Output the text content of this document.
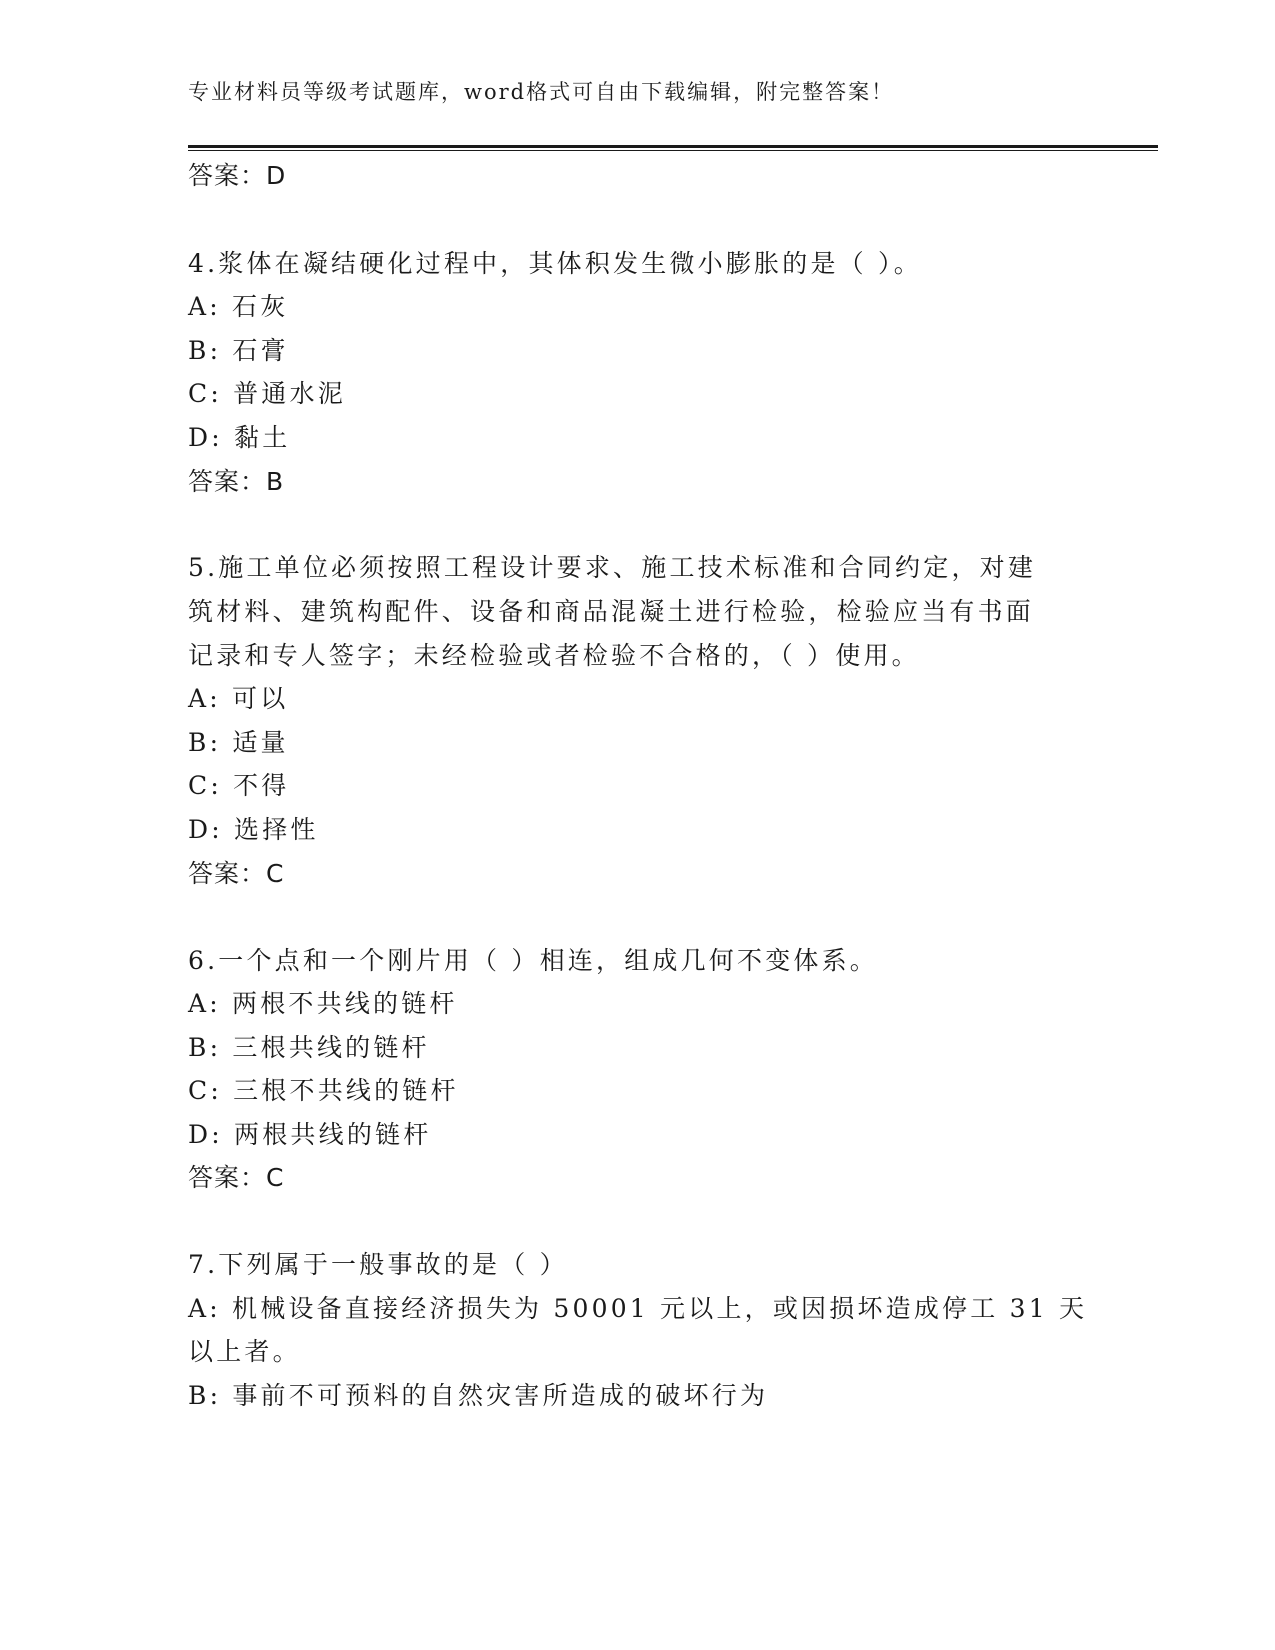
专业材料员等级考试题库，word格式可自由下载编辑，附完整答案！
答案：D
4.浆体在凝结硬化过程中，其体积发生微小膨胀的是（ ）。
A: 石灰
B: 石膏
C: 普通水泥
D: 黏土
答案：B
5.施工单位必须按照工程设计要求、施工技术标准和合同约定，对建
筑材料、建筑构配件、设备和商品混凝土进行检验，检验应当有书面
记录和专人签字；未经检验或者检验不合格的，（ ）使用。
A: 可以
B: 适量
C: 不得
D: 选择性
答案：C
6.一个点和一个刚片用（ ）相连，组成几何不变体系。
A: 两根不共线的链杆
B: 三根共线的链杆
C: 三根不共线的链杆
D: 两根共线的链杆
答案：C
7.下列属于一般事故的是（ ）
A: 机械设备直接经济损失为 50001 元以上，或因损坏造成停工 31 天
以上者。
B: 事前不可预料的自然灾害所造成的破坏行为
